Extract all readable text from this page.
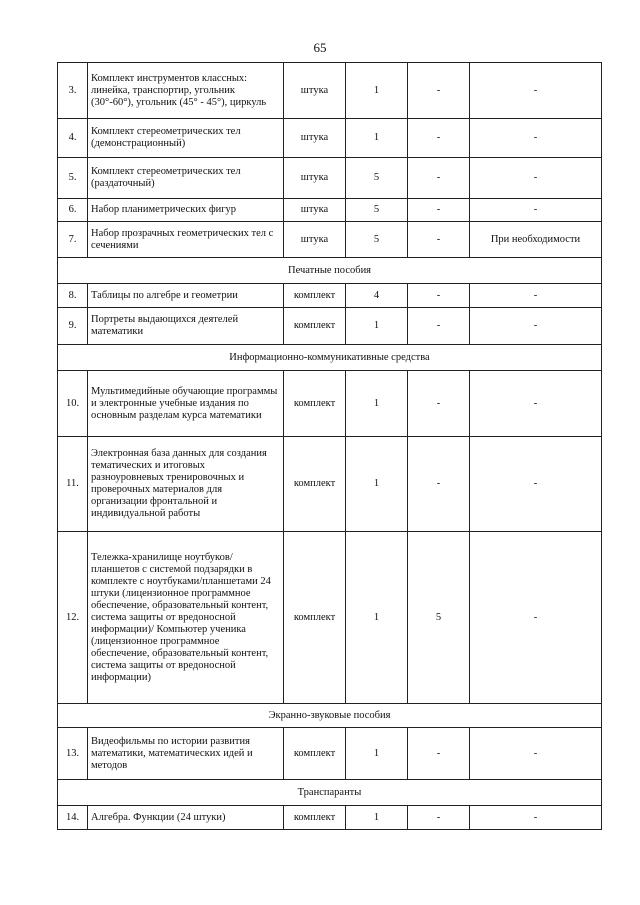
65
3.	Комплект инструментов классных: линейка, транспортир, угольник (30°-60°), угольник (45° - 45°), циркуль	штука	1	-	-
4.	Комплект стереометрических тел (демонстрационный)	штука	1	-	-
5.	Комплект стереометрических тел (раздаточный)	штука	5	-	-
6.	Набор планиметрических фигур	штука	5	-	-
7.	Набор прозрачных геометрических тел с сечениями	штука	5	-	При необходимости
Печатные пособия					
8.	Таблицы по алгебре и геометрии	комплект	4	-	-
9.	Портреты выдающихся деятелей математики	комплект	1	-	-
Информационно-коммуникативные средства					
10.	Мультимедийные обучающие программы и электронные учебные издания по основным разделам курса математики	комплект	1	-	-
11.	Электронная база данных для создания тематических и итоговых разноуровневых тренировочных и проверочных материалов для организации фронтальной и индивидуальной работы	комплект	1	-	-
12.	Тележка-хранилище ноутбуков/планшетов с системой подзарядки в комплекте с ноутбуками/планшетами 24 штуки (лицензионное программное обеспечение, образовательный контент, система защиты от вредоносной информации)/ Компьютер ученика (лицензионное программное обеспечение, образовательный контент, система защиты от вредоносной информации)	комплект	1	5	-
Экранно-звуковые пособия					
13.	Видеофильмы по истории развития математики, математических идей и методов	комплект	1	-	-
Транспаранты					
14.	Алгебра. Функции (24 штуки)	комплект	1	-	-
